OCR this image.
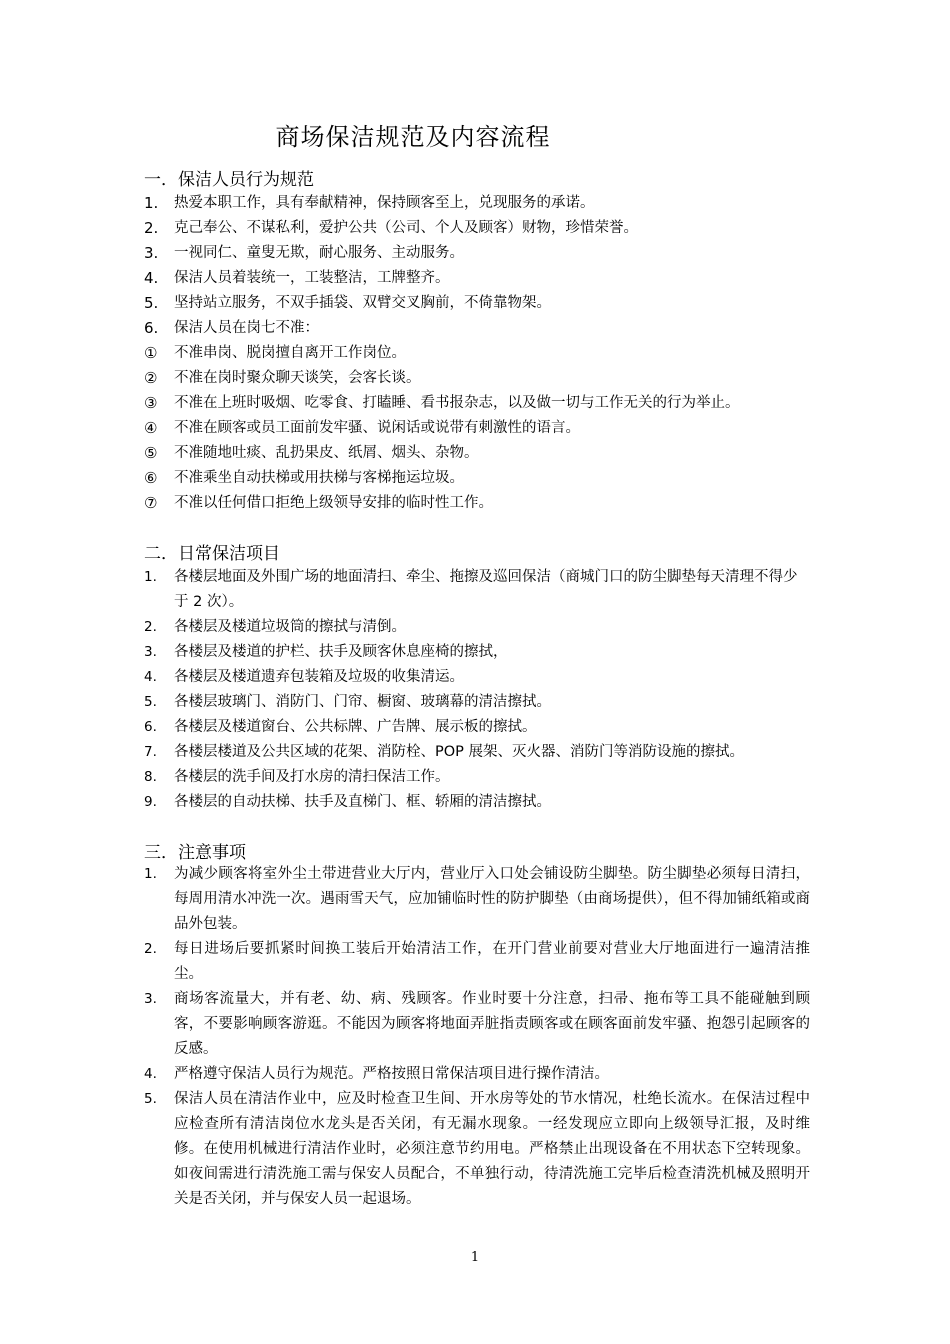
商场保洁规范及内容流程
一．保洁人员行为规范
1.	热爱本职工作，具有奉献精神，保持顾客至上，兑现服务的承诺。
2.	克己奉公、不谋私利，爱护公共（公司、个人及顾客）财物，珍惜荣誉。
3.	一视同仁、童叟无欺，耐心服务、主动服务。
4.	保洁人员着装统一，工装整洁，工牌整齐。
5.	坚持站立服务，不双手插袋、双臂交叉胸前，不倚靠物架。
6.	保洁人员在岗七不准：
①	不准串岗、脱岗擅自离开工作岗位。
②	不准在岗时聚众聊天谈笑，会客长谈。
③	不准在上班时吸烟、吃零食、打瞌睡、看书报杂志，以及做一切与工作无关的行为举止。
④	不准在顾客或员工面前发牢骚、说闲话或说带有刺激性的语言。
⑤	不准随地吐痰、乱扔果皮、纸屑、烟头、杂物。
⑥	不准乘坐自动扶梯或用扶梯与客梯拖运垃圾。
⑦	不准以任何借口拒绝上级领导安排的临时性工作。
二．日常保洁项目
1.	各楼层地面及外围广场的地面清扫、牵尘、拖擦及巡回保洁（商城门口的防尘脚垫每天清理不得少于 2 次）。
2.	各楼层及楼道垃圾筒的擦拭与清倒。
3.	各楼层及楼道的护栏、扶手及顾客休息座椅的擦拭，
4.	各楼层及楼道遗弃包装箱及垃圾的收集清运。
5.	各楼层玻璃门、消防门、门帘、橱窗、玻璃幕的清洁擦拭。
6.	各楼层及楼道窗台、公共标牌、广告牌、展示板的擦拭。
7.	各楼层楼道及公共区域的花架、消防栓、POP 展架、灭火器、消防门等消防设施的擦拭。
8.	各楼层的洗手间及打水房的清扫保洁工作。
9.	各楼层的自动扶梯、扶手及直梯门、框、轿厢的清洁擦拭。
三．注意事项
1.	为减少顾客将室外尘土带进营业大厅内，营业厅入口处会铺设防尘脚垫。防尘脚垫必须每日清扫，每周用清水冲洗一次。遇雨雪天气，应加铺临时性的防护脚垫（由商场提供），但不得加铺纸箱或商品外包装。
2.	每日进场后要抓紧时间换工装后开始清洁工作，在开门营业前要对营业大厅地面进行一遍清洁推尘。
3.	商场客流量大，并有老、幼、病、残顾客。作业时要十分注意，扫帚、拖布等工具不能碰触到顾客，不要影响顾客游逛。不能因为顾客将地面弄脏指责顾客或在顾客面前发牢骚、抱怨引起顾客的反感。
4.	严格遵守保洁人员行为规范。严格按照日常保洁项目进行操作清洁。
5.	保洁人员在清洁作业中，应及时检查卫生间、开水房等处的节水情况，杜绝长流水。在保洁过程中应检查所有清洁岗位水龙头是否关闭，有无漏水现象。一经发现应立即向上级领导汇报，及时维修。在使用机械进行清洁作业时，必须注意节约用电。严格禁止出现设备在不用状态下空转现象。如夜间需进行清洗施工需与保安人员配合，不单独行动，待清洗施工完毕后检查清洗机械及照明开关是否关闭，并与保安人员一起退场。
1
